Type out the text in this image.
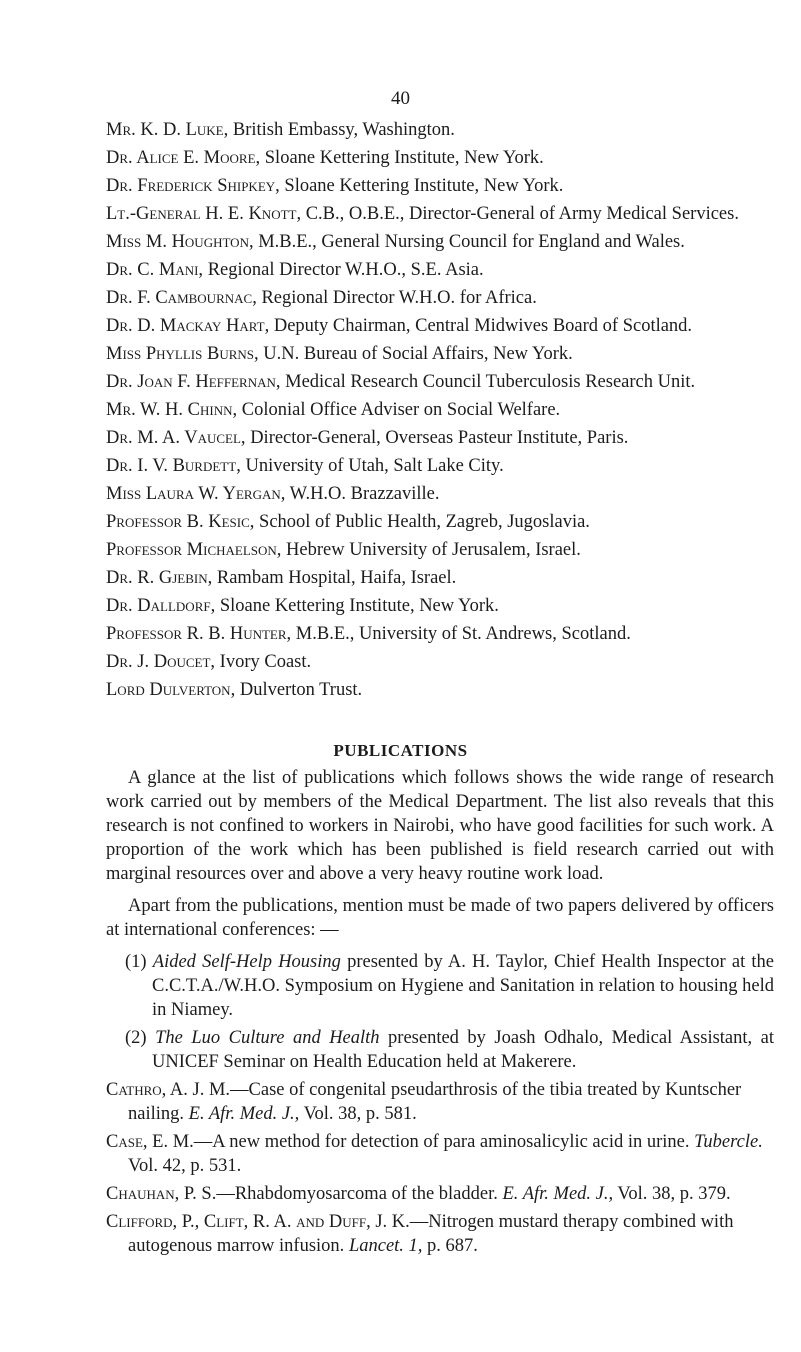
40
Mr. K. D. Luke, British Embassy, Washington.
Dr. Alice E. Moore, Sloane Kettering Institute, New York.
Dr. Frederick Shipkey, Sloane Kettering Institute, New York.
Lt.-General H. E. Knott, C.B., O.B.E., Director-General of Army Medical Services.
Miss M. Houghton, M.B.E., General Nursing Council for England and Wales.
Dr. C. Mani, Regional Director W.H.O., S.E. Asia.
Dr. F. Cambournac, Regional Director W.H.O. for Africa.
Dr. D. Mackay Hart, Deputy Chairman, Central Midwives Board of Scotland.
Miss Phyllis Burns, U.N. Bureau of Social Affairs, New York.
Dr. Joan F. Heffernan, Medical Research Council Tuberculosis Research Unit.
Mr. W. H. Chinn, Colonial Office Adviser on Social Welfare.
Dr. M. A. Vaucel, Director-General, Overseas Pasteur Institute, Paris.
Dr. I. V. Burdett, University of Utah, Salt Lake City.
Miss Laura W. Yergan, W.H.O. Brazzaville.
Professor B. Kesic, School of Public Health, Zagreb, Jugoslavia.
Professor Michaelson, Hebrew University of Jerusalem, Israel.
Dr. R. Gjebin, Rambam Hospital, Haifa, Israel.
Dr. Dalldorf, Sloane Kettering Institute, New York.
Professor R. B. Hunter, M.B.E., University of St. Andrews, Scotland.
Dr. J. Doucet, Ivory Coast.
Lord Dulverton, Dulverton Trust.
PUBLICATIONS

A glance at the list of publications which follows shows the wide range of research work carried out by members of the Medical Department. The list also reveals that this research is not confined to workers in Nairobi, who have good facilities for such work. A proportion of the work which has been published is field research carried out with marginal resources over and above a very heavy routine work load.

Apart from the publications, mention must be made of two papers delivered by officers at international conferences: —

(1) Aided Self-Help Housing presented by A. H. Taylor, Chief Health Inspector at the C.C.T.A./W.H.O. Symposium on Hygiene and Sanitation in relation to housing held in Niamey.

(2) The Luo Culture and Health presented by Joash Odhalo, Medical Assistant, at UNICEF Seminar on Health Education held at Makerere.

Cathro, A. J. M.—Case of congenital pseudarthrosis of the tibia treated by Kuntscher nailing. E. Afr. Med. J., Vol. 38, p. 581.

Case, E. M.—A new method for detection of para aminosalicylic acid in urine. Tubercle. Vol. 42, p. 531.

Chauhan, P. S.—Rhabdomyosarcoma of the bladder. E. Afr. Med. J., Vol. 38, p. 379.

Clifford, P., Clift, R. A. and Duff, J. K.—Nitrogen mustard therapy combined with autogenous marrow infusion. Lancet. 1, p. 687.
